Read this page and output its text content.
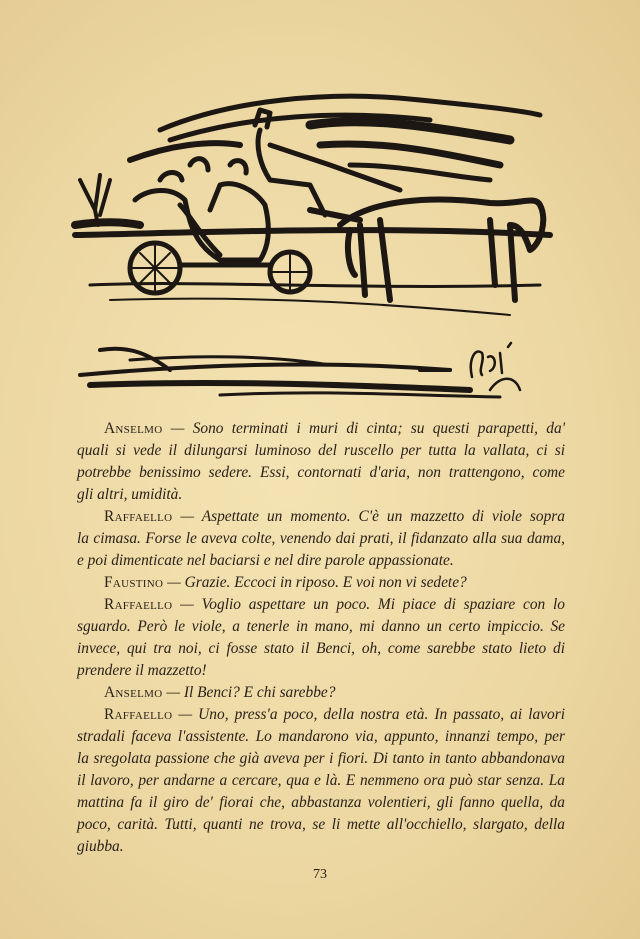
Anselmo — Sono terminati i muri di cinta; su questi parapetti, da'
quali si vede il dilungarsi luminoso del ruscello per tutta la vallata, ci si
potrebbe benissimo sedere. Essi, contornati d'aria, non trattengono, come
gli altri, umidità.
Raffaello — Aspettate un momento. C'è un mazzetto di viole sopra
la cimasa. Forse le aveva colte, venendo dai prati, il fidanzato alla sua dama,
e poi dimenticate nel baciarsi e nel dire parole appassionate.
Faustino — Grazie. Eccoci in riposo. E voi non vi sedete?
Raffaello — Voglio aspettare un poco. Mi piace di spaziare con lo
sguardo. Però le viole, a tenerle in mano, mi danno un certo impiccio. Se
invece, qui tra noi, ci fosse stato il Benci, oh, come sarebbe stato lieto di
prendere il mazzetto!
Anselmo — Il Benci? E chi sarebbe?
Raffaello — Uno, press'a poco, della nostra età. In passato, ai lavori
stradali faceva l'assistente. Lo mandarono via, appunto, innanzi tempo, per
la sregolata passione che già aveva per i fiori. Di tanto in tanto abbandonava
il lavoro, per andarne a cercare, qua e là. E nemmeno ora può star senza. La
mattina fa il giro de' fiorai che, abbastanza volentieri, gli fanno quella, da
poco, carità. Tutti, quanti ne trova, se li mette all'occhiello, slargato, della
giubba.
73
